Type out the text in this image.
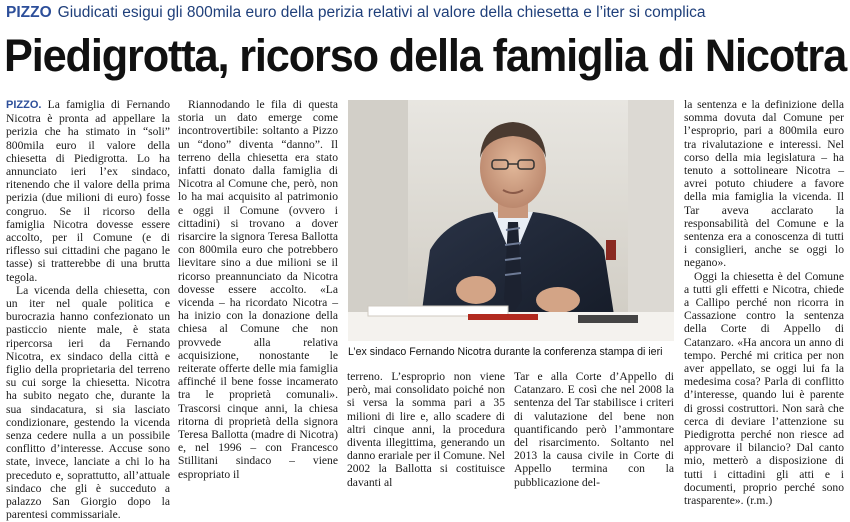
PIZZO Giudicati esigui gli 800mila euro della perizia relativi al valore della chiesetta e l’iter si complica
Piedigrotta, ricorso della famiglia di Nicotra

PIZZO. La famiglia di Fernando Nicotra è pronta ad appellare la perizia che ha stimato in “soli” 800mila euro il valore della chiesetta di Piedigrotta. Lo ha annunciato ieri l’ex sindaco, ritenendo che il valore della prima perizia (due milioni di euro) fosse congruo. Se il ricorso della famiglia Nicotra dovesse essere accolto, per il Comune (e di riflesso sui cittadini che pagano le tasse) si tratterebbe di una brutta tegola.

La vicenda della chiesetta, con un iter nel quale politica e burocrazia hanno confezionato un pasticcio niente male, è stata ripercorsa ieri da Fernando Nicotra, ex sindaco della città e figlio della proprietaria del terreno su cui sorge la chiesetta. Nicotra ha subito negato che, durante la sua sindacatura, si sia lasciato condizionare, gestendo la vicenda senza cedere nulla a un possibile conflitto d’interesse. Accuse sono state, invece, lanciate a chi lo ha preceduto e, soprattutto, all’attuale sindaco che gli è succeduto a palazzo San Giorgio dopo la parentesi commissariale.

Riannodando le fila di questa storia un dato emerge come incontrovertibile: soltanto a Pizzo un “dono” diventa “danno”. Il terreno della chiesetta era stato infatti donato dalla famiglia di Nicotra al Comune che, però, non lo ha mai acquisito al patrimonio e oggi il Comune (ovvero i cittadini) si trovano a dover risarcire la signora Teresa Ballotta con 800mila euro che potrebbero lievitare sino a due milioni se il ricorso preannunciato da Nicotra dovesse essere accolto. «La vicenda – ha ricordato Nicotra – ha inizio con la donazione della chiesa al Comune che non provvede alla relativa acquisizione, nonostante le reiterate offerte delle mia famiglia affinché il bene fosse incamerato tra le proprietà comunali». Trascorsi cinque anni, la chiesa ritorna di proprietà della signora Teresa Ballotta (madre di Nicotra) e, nel 1996 – con Francesco Stillitani sindaco – viene espropriato il

L’ex sindaco Fernando Nicotra durante la conferenza stampa di ieri

terreno. L’esproprio non viene però, mai consolidato poiché non si versa la somma pari a 35 milioni di lire e, allo scadere di altri cinque anni, la procedura diventa illegittima, generando un danno erariale per il Comune. Nel 2002 la Ballotta si costituisce davanti al

Tar e alla Corte d’Appello di Catanzaro. E così che nel 2008 la sentenza del Tar stabilisce i criteri di valutazione del bene non quantificando però l’ammontare del risarcimento. Soltanto nel 2013 la causa civile in Corte di Appello termina con la pubblicazione del-

la sentenza e la definizione della somma dovuta dal Comune per l’esproprio, pari a 800mila euro tra rivalutazione e interessi. Nel corso della mia legislatura – ha tenuto a sottolineare Nicotra – avrei potuto chiudere a favore della mia famiglia la vicenda. Il Tar aveva acclarato la responsabilità del Comune e la sentenza era a conoscenza di tutti i consiglieri, anche se oggi lo negano».

Oggi la chiesetta è del Comune a tutti gli effetti e Nicotra, chiede a Callipo perché non ricorra in Cassazione contro la sentenza della Corte di Appello di Catanzaro. «Ha ancora un anno di tempo. Perché mi critica per non aver appellato, se oggi lui fa la medesima cosa? Parla di conflitto d’interesse, quando lui è parente di grossi costruttori. Non sarà che cerca di deviare l’attenzione su Piedigrotta perché non riesce ad approvare il bilancio? Dal canto mio, metterò a disposizione di tutti i cittadini gli atti e i documenti, proprio perché sono trasparente». (r.m.)
